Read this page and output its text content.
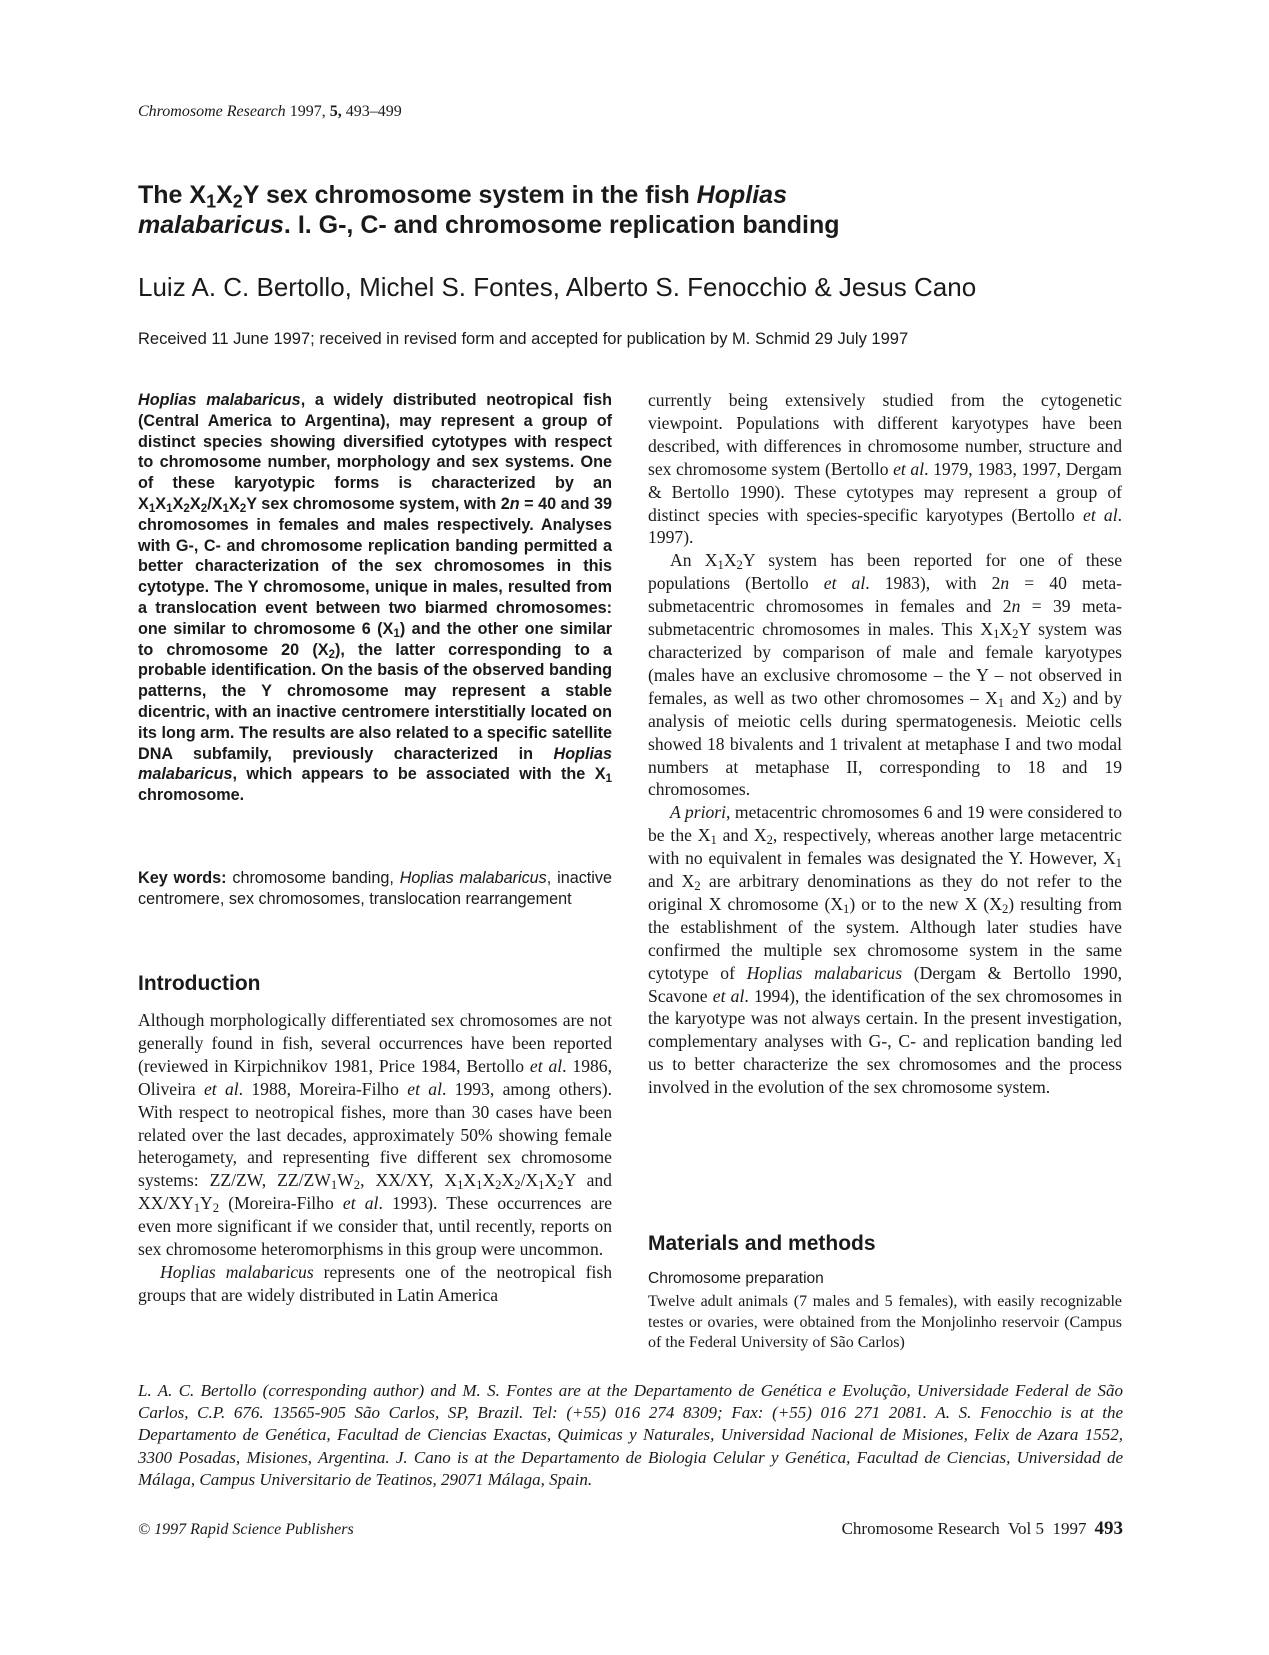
Chromosome Research 1997, 5, 493–499
The $X_1X_2Y$ sex chromosome system in the fish Hoplias
malabaricus. I. G-, C- and chromosome replication banding
Luiz A. C. Bertollo, Michel S. Fontes, Alberto S. Fenocchio & Jesus Cano
Received 11 June 1997; received in revised form and accepted for publication by M. Schmid 29 July 1997
Hoplias malabaricus, a widely distributed neotropical fish (Central America to Argentina), may represent a group of distinct species showing diversified cytotypes with respect to chromosome number, morphology and sex systems. One of these karyotypic forms is characterized by an $X_1X_1X_2X_2/X_1X_2Y$ sex chromosome system, with 2n = 40 and 39 chromosomes in females and males respectively. Analyses with G-, C- and chromosome replication banding permitted a better characterization of the sex chromosomes in this cytotype. The Y chromosome, unique in males, resulted from a translocation event between two biarmed chromosomes: one similar to chromosome 6 $(X_1)$ and the other one similar to chromosome 20 $(X_2)$, the latter corresponding to a probable identification. On the basis of the observed banding patterns, the Y chromosome may represent a stable dicentric, with an inactive centromere interstitially located on its long arm. The results are also related to a specific satellite DNA subfamily, previously characterized in Hoplias malabaricus, which appears to be associated with the $X_1$ chromosome.
Key words: chromosome banding, Hoplias malabaricus, inactive centromere, sex chromosomes, translocation rearrangement
Introduction

Although morphologically differentiated sex chromosomes are not generally found in fish, several occurrences have been reported (reviewed in Kirpichnikov 1981, Price 1984, Bertollo et al. 1986, Oliveira et al. 1988, Moreira-Filho et al. 1993, among others). With respect to neotropical fishes, more than 30 cases have been related over the last decades, approximately 50% showing female heterogamety, and representing five different sex chromosome systems: ZZ/ZW, $ZZ/ZW_1W_2$, XX/XY, $X_1X_1X_2X_2/X_1X_2Y$ and $XX/XY_1Y_2$ (Moreira-Filho et al. 1993). These occurrences are even more significant if we consider that, until recently, reports on sex chromosome heteromorphisms in this group were uncommon.

Hoplias malabaricus represents one of the neotropical fish groups that are widely distributed in Latin America

currently being extensively studied from the cytogenetic viewpoint. Populations with different karyotypes have been described, with differences in chromosome number, structure and sex chromosome system (Bertollo et al. 1979, 1983, 1997, Dergam & Bertollo 1990). These cytotypes may represent a group of distinct species with species-specific karyotypes (Bertollo et al. 1997).

An $X_1X_2Y$ system has been reported for one of these populations (Bertollo et al. 1983), with 2n = 40 meta-submetacentric chromosomes in females and 2n = 39 meta-submetacentric chromosomes in males. This $X_1X_2Y$ system was characterized by comparison of male and female karyotypes (males have an exclusive chromosome – the Y – not observed in females, as well as two other chromosomes – $X_1$ and $X_2$) and by analysis of meiotic cells during spermatogenesis. Meiotic cells showed 18 bivalents and 1 trivalent at metaphase I and two modal numbers at metaphase II, corresponding to 18 and 19 chromosomes.

A priori, metacentric chromosomes 6 and 19 were considered to be the $X_1$ and $X_2$, respectively, whereas another large metacentric with no equivalent in females was designated the Y. However, $X_1$ and $X_2$ are arbitrary denominations as they do not refer to the original X chromosome $(X_1)$ or to the new X $(X_2)$ resulting from the establishment of the system. Although later studies have confirmed the multiple sex chromosome system in the same cytotype of Hoplias malabaricus (Dergam & Bertollo 1990, Scavone et al. 1994), the identification of the sex chromosomes in the karyotype was not always certain. In the present investigation, complementary analyses with G-, C- and replication banding led us to better characterize the sex chromosomes and the process involved in the evolution of the sex chromosome system.

Materials and methods
Chromosome preparation
Twelve adult animals (7 males and 5 females), with easily recognizable testes or ovaries, were obtained from the Monjolinho reservoir (Campus of the Federal University of São Carlos)
L. A. C. Bertollo (corresponding author) and M. S. Fontes are at the Departamento de Genética e Evolução, Universidade Federal de São Carlos, C.P. 676. 13565-905 São Carlos, SP, Brazil. Tel: (+55) 016 274 8309; Fax: (+55) 016 271 2081. A. S. Fenocchio is at the Departamento de Genética, Facultad de Ciencias Exactas, Quimicas y Naturales, Universidad Nacional de Misiones, Felix de Azara 1552, 3300 Posadas, Misiones, Argentina. J. Cano is at the Departamento de Biologia Celular y Genética, Facultad de Ciencias, Universidad de Málaga, Campus Universitario de Teatinos, 29071 Málaga, Spain.
© 1997 Rapid Science Publishers	Chromosome Research  Vol 5  1997 493
